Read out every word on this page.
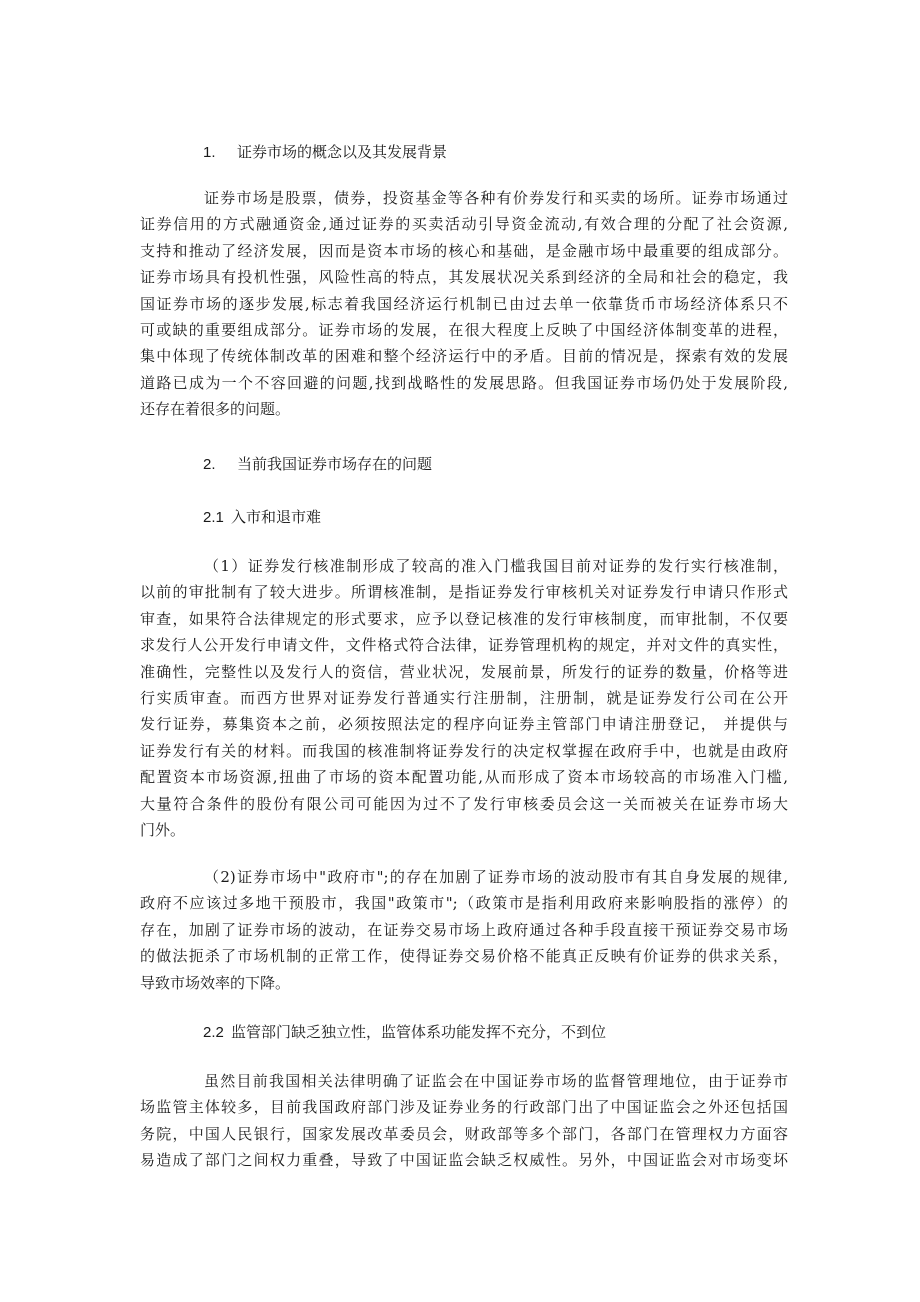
1. 证券市场的概念以及其发展背景
证券市场是股票，债券，投资基金等各种有价券发行和买卖的场所。证券市场通过
证券信用的方式融通资金,通过证券的买卖活动引导资金流动,有效合理的分配了社会资源,
支持和推动了经济发展，因而是资本市场的核心和基础，是金融市场中最重要的组成部分。
证券市场具有投机性强，风险性高的特点，其发展状况关系到经济的全局和社会的稳定，我
国证券市场的逐步发展,标志着我国经济运行机制已由过去单一依靠货币市场经济体系只不
可或缺的重要组成部分。证券市场的发展，在很大程度上反映了中国经济体制变革的进程，
集中体现了传统体制改革的困难和整个经济运行中的矛盾。目前的情况是，探索有效的发展
道路已成为一个不容回避的问题,找到战略性的发展思路。但我国证券市场仍处于发展阶段,
还存在着很多的问题。
2. 当前我国证券市场存在的问题
2.1 入市和退市难
（1）证券发行核准制形成了较高的准入门槛我国目前对证券的发行实行核准制，
以前的审批制有了较大进步。所谓核准制，是指证券发行审核机关对证券发行申请只作形式
审查，如果符合法律规定的形式要求，应予以登记核准的发行审核制度，而审批制，不仅要
求发行人公开发行申请文件，文件格式符合法律，证券管理机构的规定，并对文件的真实性，
准确性，完整性以及发行人的资信，营业状况，发展前景，所发行的证券的数量，价格等进
行实质审查。而西方世界对证券发行普通实行注册制，注册制，就是证券发行公司在公开
发行证券，募集资本之前，必须按照法定的程序向证券主管部门申请注册登记， 并提供与
证券发行有关的材料。而我国的核准制将证券发行的决定权掌握在政府手中，也就是由政府
配置资本市场资源,扭曲了市场的资本配置功能,从而形成了资本市场较高的市场准入门槛,
大量符合条件的股份有限公司可能因为过不了发行审核委员会这一关而被关在证券市场大
门外。
（2)证券市场中"政府市";的存在加剧了证券市场的波动股市有其自身发展的规律,
政府不应该过多地干预股市，我国"政策市";（政策市是指利用政府来影响股指的涨停）的
存在，加剧了证券市场的波动，在证券交易市场上政府通过各种手段直接干预证券交易市场
的做法扼杀了市场机制的正常工作，使得证券交易价格不能真正反映有价证券的供求关系，
导致市场效率的下降。
2.2 监管部门缺乏独立性，监管体系功能发挥不充分，不到位
虽然目前我国相关法律明确了证监会在中国证券市场的监督管理地位，由于证券市
场监管主体较多，目前我国政府部门涉及证券业务的行政部门出了中国证监会之外还包括国
务院，中国人民银行，国家发展改革委员会，财政部等多个部门，各部门在管理权力方面容
易造成了部门之间权力重叠，导致了中国证监会缺乏权威性。另外，中国证监会对市场变坏
